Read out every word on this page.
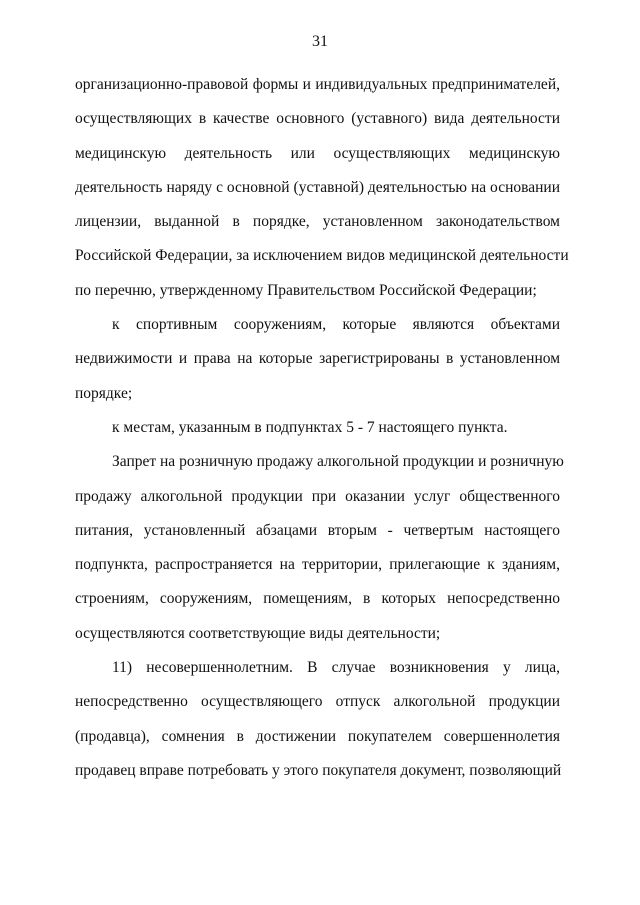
31
организационно-правовой формы и индивидуальных предпринимателей,
осуществляющих в качестве основного (уставного) вида деятельности
медицинскую деятельность или осуществляющих медицинскую
деятельность наряду с основной (уставной) деятельностью на основании
лицензии, выданной в порядке, установленном законодательством
Российской Федерации, за исключением видов медицинской деятельности
по перечню, утвержденному Правительством Российской Федерации;
к спортивным сооружениям, которые являются объектами
недвижимости и права на которые зарегистрированы в установленном
порядке;
к местам, указанным в подпунктах 5 - 7 настоящего пункта.
Запрет на розничную продажу алкогольной продукции и розничную
продажу алкогольной продукции при оказании услуг общественного
питания, установленный абзацами вторым - четвертым настоящего
подпункта, распространяется на территории, прилегающие к зданиям,
строениям, сооружениям, помещениям, в которых непосредственно
осуществляются соответствующие виды деятельности;
11) несовершеннолетним. В случае возникновения у лица,
непосредственно осуществляющего отпуск алкогольной продукции
(продавца), сомнения в достижении покупателем совершеннолетия
продавец вправе потребовать у этого покупателя документ, позволяющий
